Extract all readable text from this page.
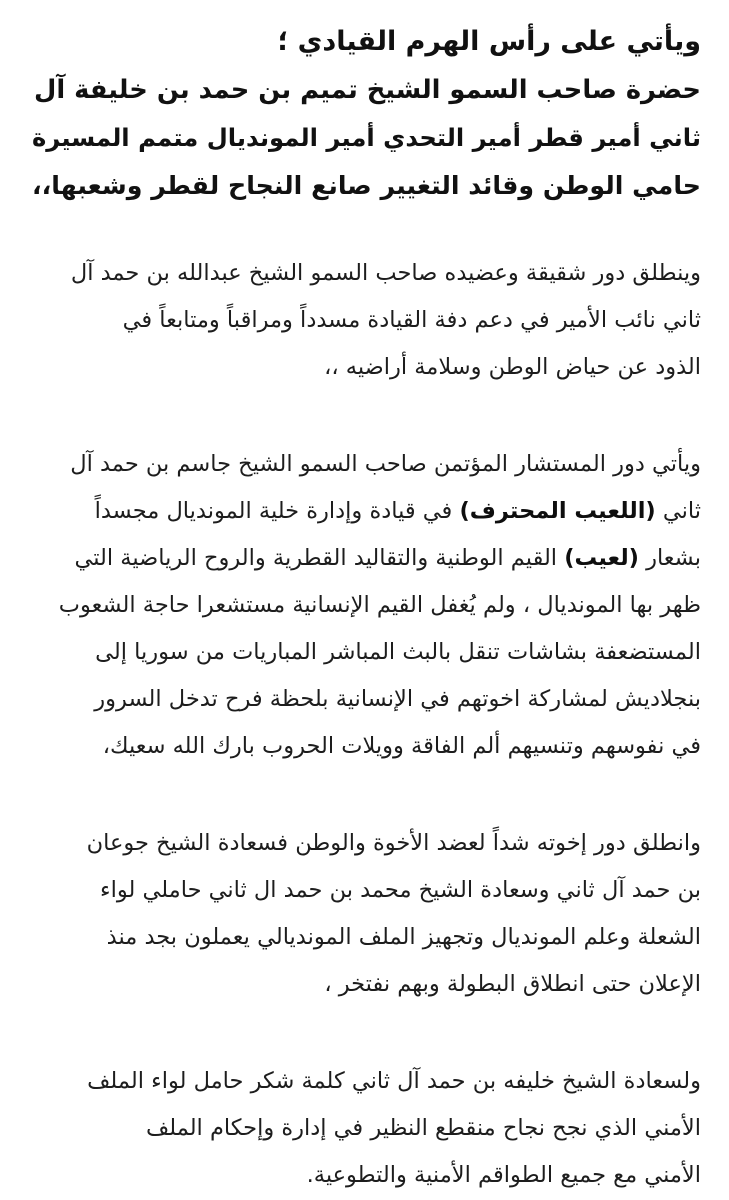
ويأتي على رأس الهرم القيادي ؛

حضرة صاحب السمو الشيخ تميم بن حمد بن خليفة آل

ثاني أمير قطر أمير التحدي أمير المونديال متمم المسيرة

حامي الوطن وقائد التغيير صانع النجاح لقطر وشعبها،،

وينطلق دور شقيقة وعضيده صاحب السمو الشيخ عبدالله بن حمد آل

ثاني نائب الأمير في دعم دفة القيادة مسدداً ومراقباً ومتابعاً في

الذود عن حياض الوطن وسلامة أراضيه ،،

ويأتي دور المستشار المؤتمن صاحب السمو الشيخ جاسم بن حمد آل

ثاني (اللعيب المحترف) في قيادة وإدارة خلية المونديال مجسداً

بشعار (لعيب) القيم الوطنية والتقاليد القطرية والروح الرياضية التي

ظهر بها المونديال ، ولم يُغفل القيم الإنسانية مستشعرا حاجة الشعوب

المستضعفة بشاشات تنقل بالبث المباشر المباريات من سوريا إلى

بنجلاديش لمشاركة اخوتهم في الإنسانية بلحظة فرح تدخل السرور

في نفوسهم وتنسيهم ألم الفاقة وويلات الحروب بارك الله سعيك،

وانطلق دور إخوته شداً لعضد الأخوة والوطن فسعادة الشيخ جوعان

بن حمد آل ثاني وسعادة الشيخ محمد بن حمد ال ثاني حاملي لواء

الشعلة وعلم المونديال وتجهيز الملف المونديالي يعملون بجد منذ

الإعلان حتى انطلاق البطولة وبهم نفتخر ،

ولسعادة الشيخ خليفه بن حمد آل ثاني كلمة شكر حامل لواء الملف

الأمني الذي نجح نجاح منقطع النظير في إدارة وإحكام الملف

الأمني مع جميع الطواقم الأمنية والتطوعية.
